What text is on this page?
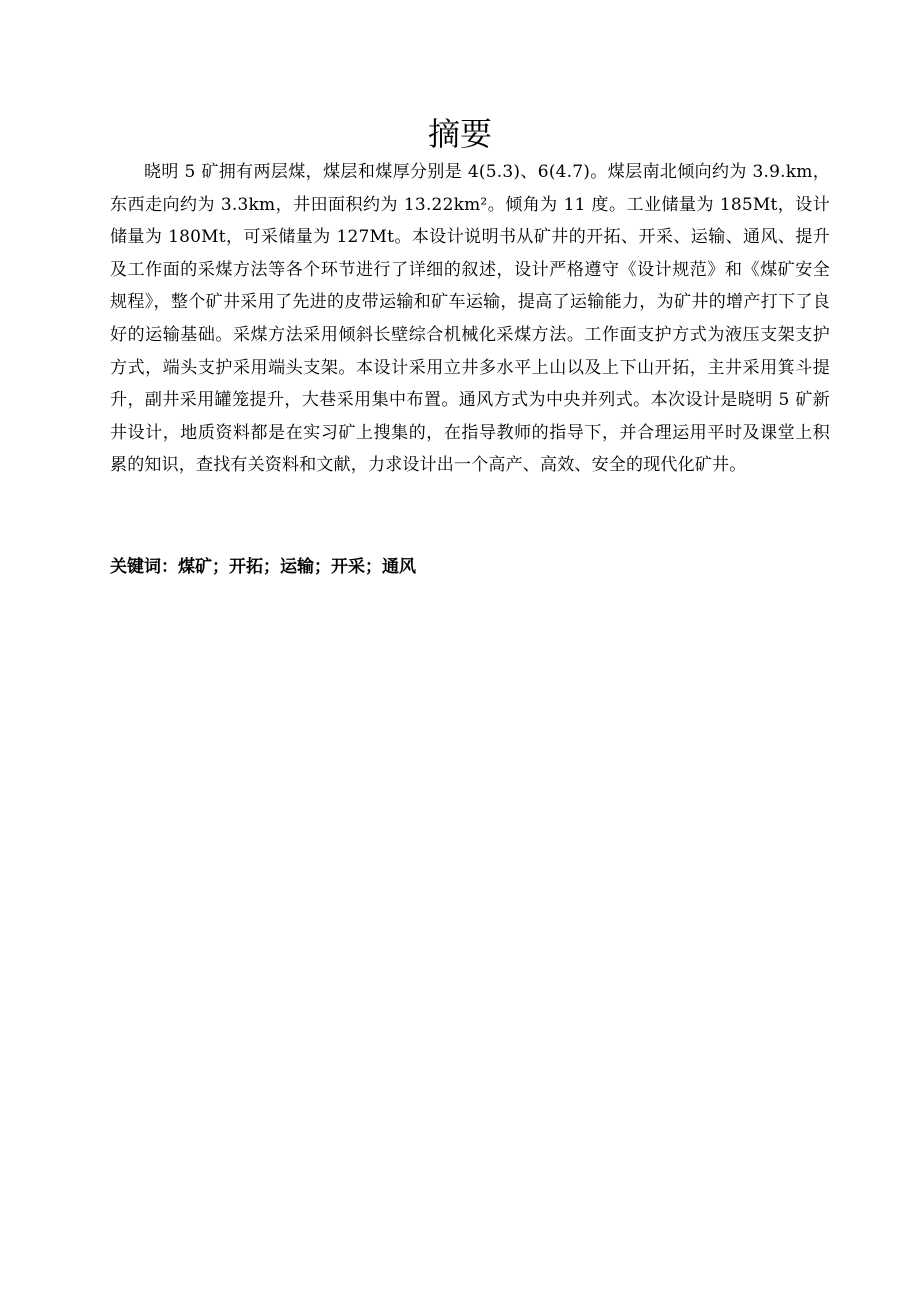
摘要

晓明 5 矿拥有两层煤，煤层和煤厚分别是 4(5.3)、6(4.7)。煤层南北倾向约为 3.9.km，东西走向约为 3.3km，井田面积约为 13.22km²。倾角为 11 度。工业储量为 185Mt，设计储量为 180Mt，可采储量为 127Mt。本设计说明书从矿井的开拓、开采、运输、通风、提升及工作面的采煤方法等各个环节进行了详细的叙述，设计严格遵守《设计规范》和《煤矿安全规程》，整个矿井采用了先进的皮带运输和矿车运输，提高了运输能力，为矿井的增产打下了良好的运输基础。采煤方法采用倾斜长壁综合机械化采煤方法。工作面支护方式为液压支架支护方式，端头支护采用端头支架。本设计采用立井多水平上山以及上下山开拓，主井采用箕斗提升，副井采用罐笼提升，大巷采用集中布置。通风方式为中央并列式。本次设计是晓明 5 矿新井设计，地质资料都是在实习矿上搜集的，在指导教师的指导下，并合理运用平时及课堂上积累的知识，查找有关资料和文献，力求设计出一个高产、高效、安全的现代化矿井。

关键词：煤矿；开拓；运输；开采；通风
